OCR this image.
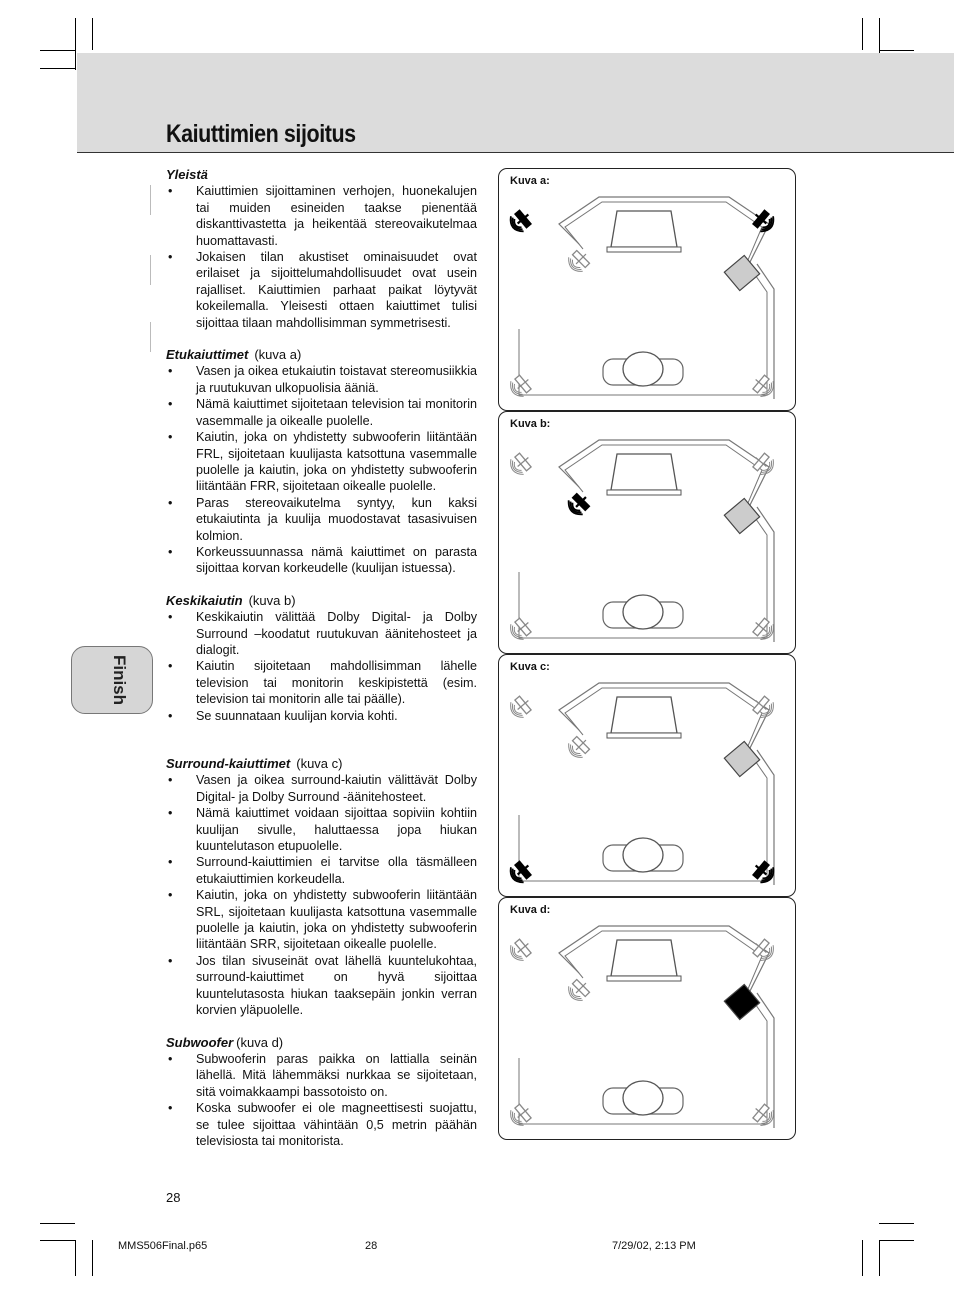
Kaiuttimien sijoitus
Finish

Yleistä

• Kaiuttimien sijoittaminen verhojen, huonekalujen tai muiden esineiden taakse pienentää diskanttivastetta ja heikentää stereovaikutelmaa huomattavasti.
• Jokaisen tilan akustiset ominaisuudet ovat erilaiset ja sijoittelumahdollisuudet ovat usein rajalliset. Kaiuttimien parhaat paikat löytyvät kokeilemalla. Yleisesti ottaen kaiuttimet tulisi sijoittaa tilaan mahdollisimman symmetrisesti.

Etukaiuttimet (kuva a)

• Vasen ja oikea etukaiutin toistavat stereomusiikkia ja ruutukuvan ulkopuolisia ääniä.
• Nämä kaiuttimet sijoitetaan television tai monitorin vasemmalle ja oikealle puolelle.
• Kaiutin, joka on yhdistetty subwooferin liitäntään FRL, sijoitetaan kuulijasta katsottuna vasemmalle puolelle ja kaiutin, joka on yhdistetty subwooferin liitäntään FRR, sijoitetaan oikealle puolelle.
• Paras stereovaikutelma syntyy, kun kaksi etukaiutinta ja kuulija muodostavat tasasivuisen kolmion.
• Korkeussuunnassa nämä kaiuttimet on parasta sijoittaa korvan korkeudelle (kuulijan istuessa).

Keskikaiutin (kuva b)

• Keskikaiutin välittää Dolby Digital- ja Dolby Surround –koodatut ruutukuvan äänitehosteet ja dialogit.
• Kaiutin sijoitetaan mahdollisimman lähelle television tai monitorin keskipistettä (esim. television tai monitorin alle tai päälle).
• Se suunnataan kuulijan korvia kohti.

Surround-kaiuttimet (kuva c)

• Vasen ja oikea surround-kaiutin välittävät Dolby Digital- ja Dolby Surround -äänitehosteet.
• Nämä kaiuttimet voidaan sijoittaa sopiviin kohtiin kuulijan sivulle, haluttaessa jopa hiukan kuuntelutason etupuolelle.
• Surround-kaiuttimien ei tarvitse olla täsmälleen etukaiuttimien korkeudella.
• Kaiutin, joka on yhdistetty subwooferin liitäntään SRL, sijoitetaan kuulijasta katsottuna vasemmalle puolelle ja kaiutin, joka on yhdistetty subwooferin liitäntään SRR, sijoitetaan oikealle puolelle.
• Jos tilan sivuseinät ovat lähellä kuuntelukohtaa, surround-kaiuttimet on hyvä sijoittaa kuuntelutasosta hiukan taaksepäin jonkin verran korvien yläpuolelle.

Subwoofer (kuva d)

• Subwooferin paras paikka on lattialla seinän lähellä. Mitä lähemmäksi nurkkaa se sijoitetaan, sitä voimakkaampi bassotoisto on.
• Koska subwoofer ei ole magneettisesti suojattu, se tulee sijoittaa vähintään 0,5 metrin päähän televisiosta tai monitorista.
Kuva a:
Kuva b:
Kuva c:
Kuva d:
28
MMS506Final.p65	28	7/29/02, 2:13 PM
